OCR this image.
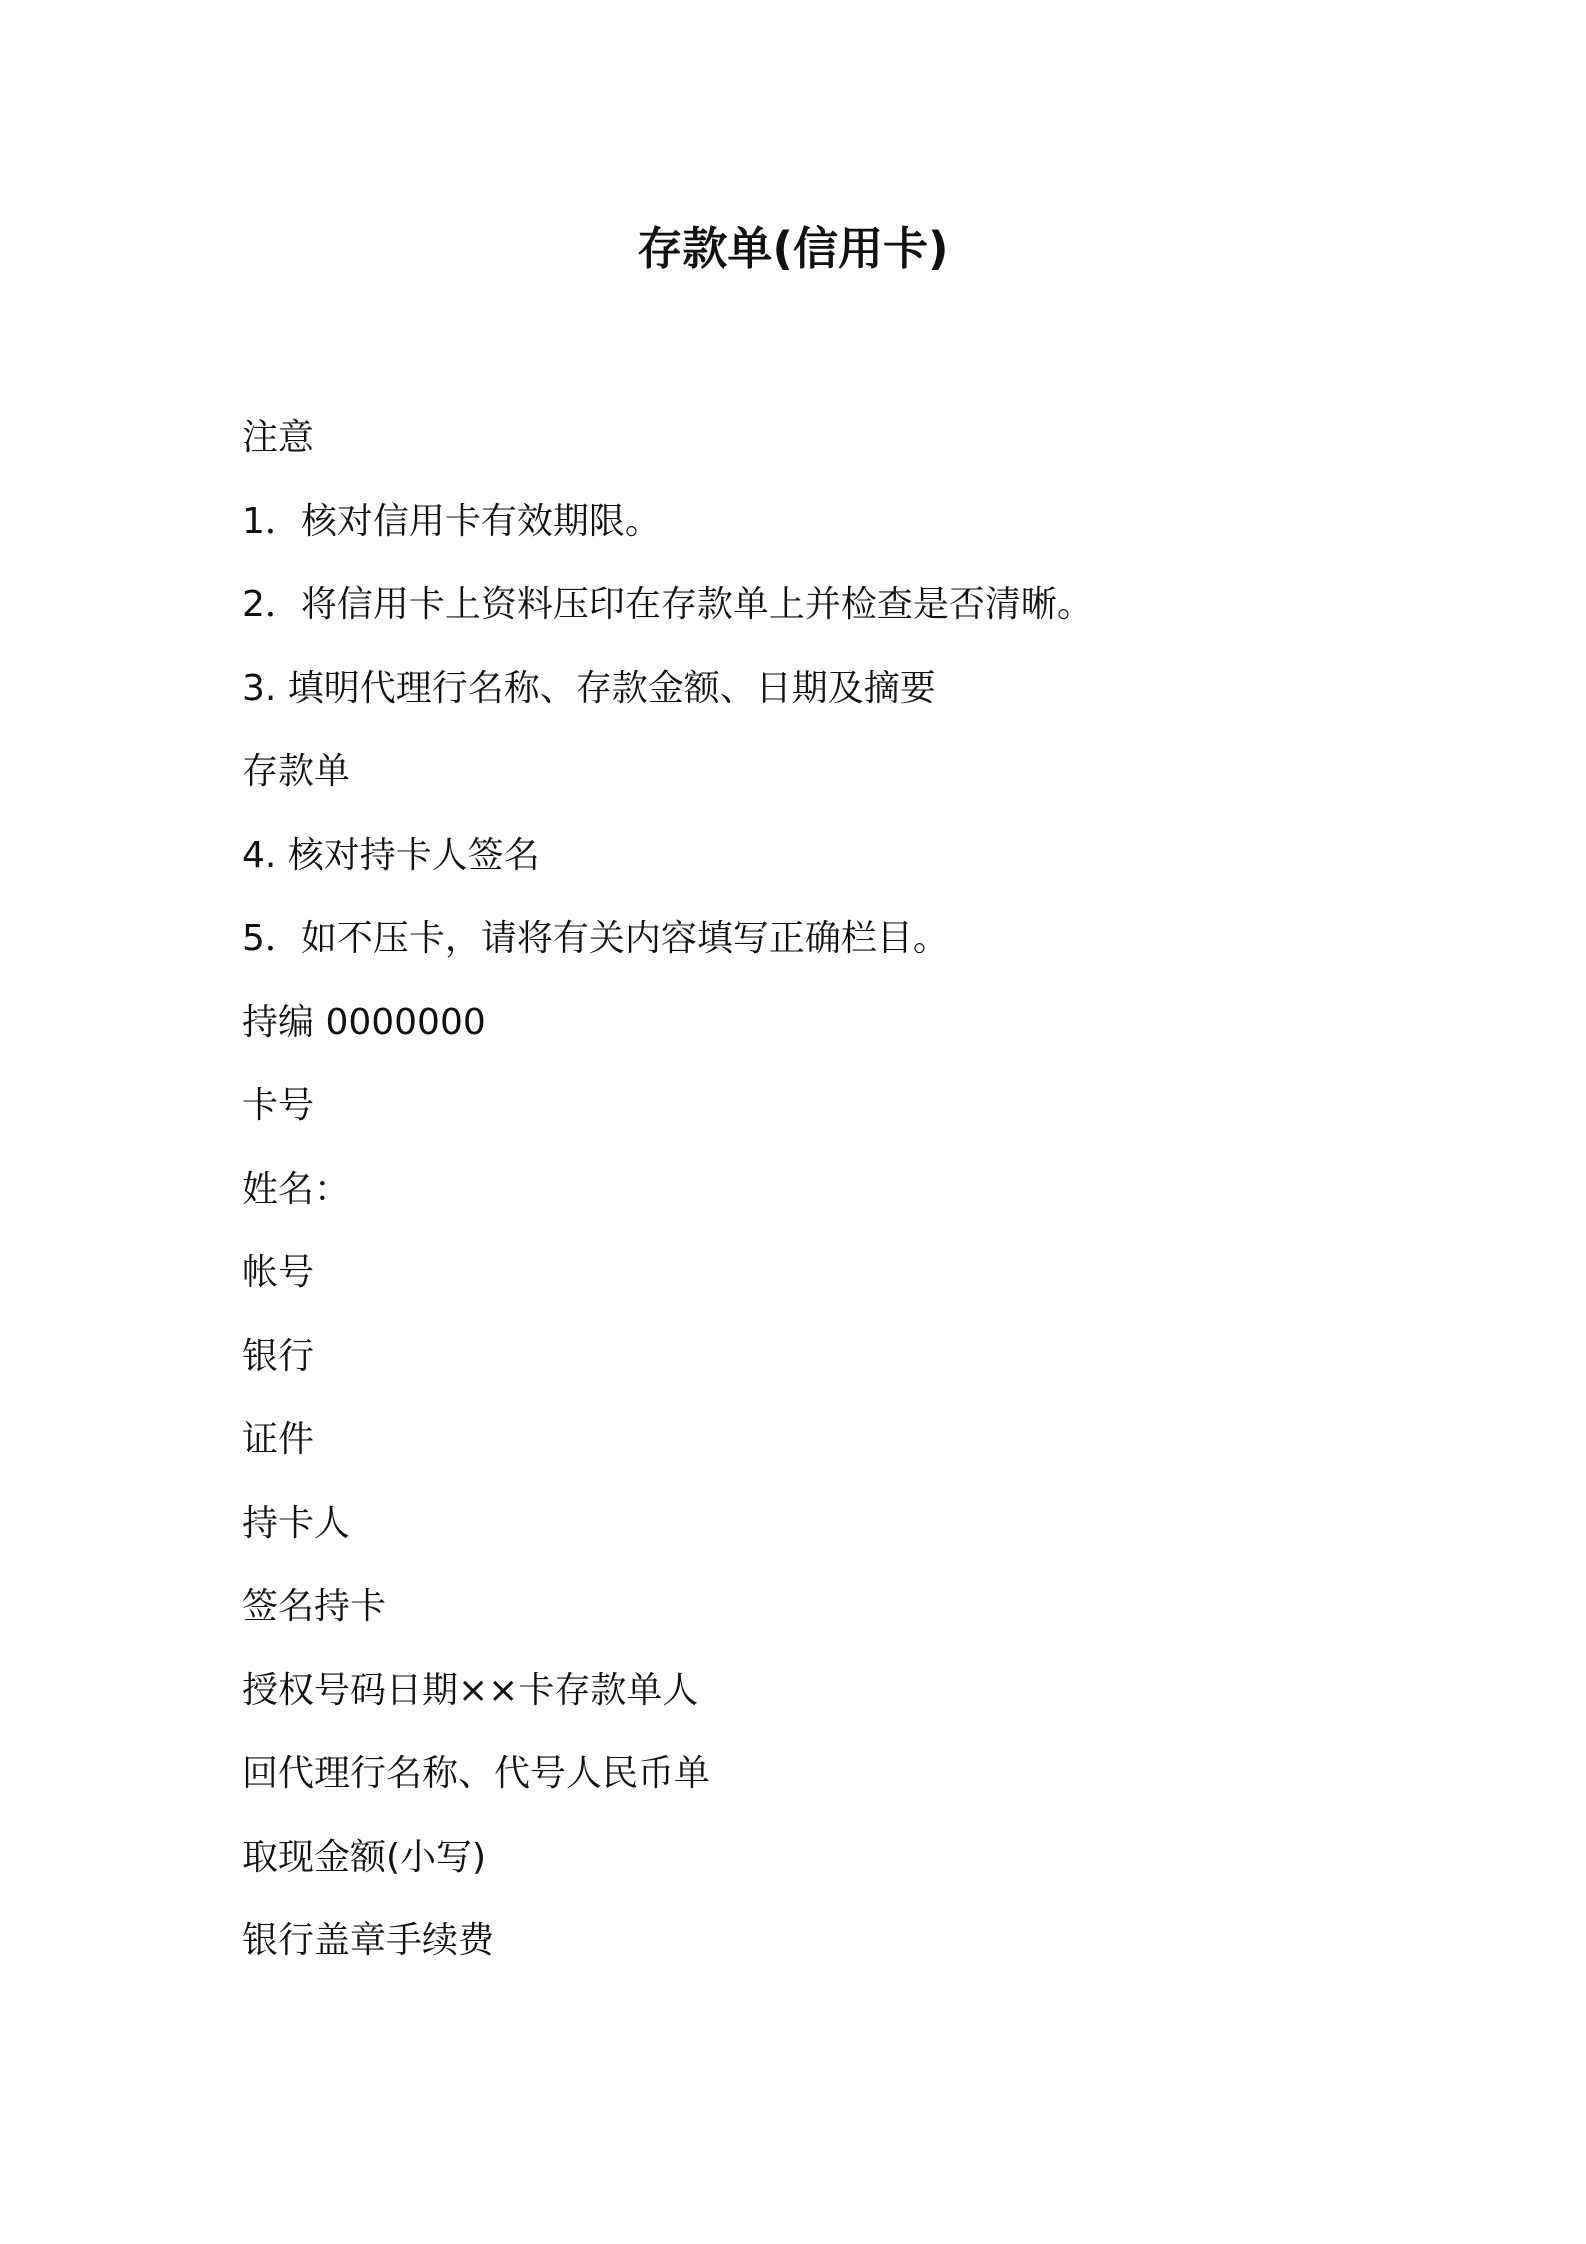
存款单(信用卡)
注意
1．核对信用卡有效期限。
2．将信用卡上资料压印在存款单上并检查是否清晰。
3. 填明代理行名称、存款金额、日期及摘要
存款单
4. 核对持卡人签名
5．如不压卡，请将有关内容填写正确栏目。
持编 0000000
卡号
姓名：
帐号
银行
证件
持卡人
签名持卡
授权号码日期××卡存款单人
回代理行名称、代号人民币单
取现金额(小写)
银行盖章手续费
